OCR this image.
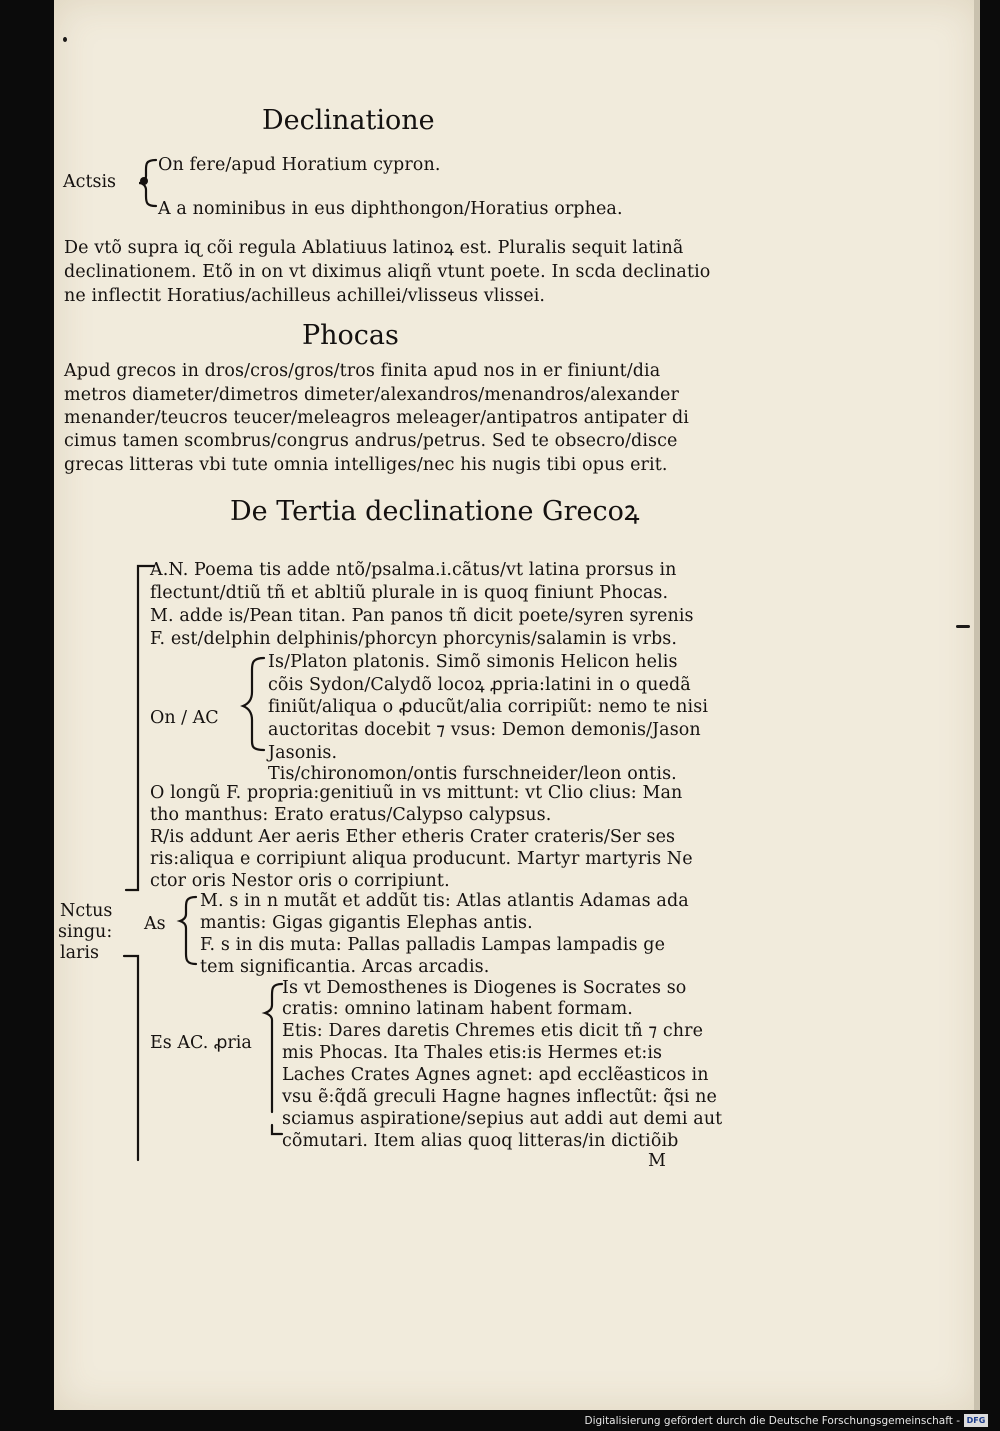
Declinatione
Phocas
De Tertia declinatione Grecoꝝ
Actsis
On fere/apud Horatium cypron.
A a nominibus in eus diphthongon/Horatius orphea.
De vtõ supra iɋ cõi regula Ablatiuus latinoꝝ est. Pluralis sequit latinã
declinationem. Etõ in on vt diximus aliqñ vtunt poete. In scda declinatio
ne inflectit Horatius/achilleus achillei/vlisseus vlissei.
Apud grecos in dros/cros/gros/tros finita apud nos in er finiunt/dia
metros diameter/dimetros dimeter/alexandros/menandros/alexander
menander/teucros teucer/meleagros meleager/antipatros antipater di
cimus tamen scombrus/congrus andrus/petrus. Sed te obsecro/disce
grecas litteras vbi tute omnia intelliges/nec his nugis tibi opus erit.
A.N. Poema tis adde ntõ/psalma.i.cãtus/vt latina prorsus in
flectunt/dtiũ tñ et abltiũ plurale in is quoq finiunt Phocas.
M. adde is/Pean titan. Pan panos tñ dicit poete/syren syrenis
F. est/delphin delphinis/phorcyn phorcynis/salamin is vrbs.
Is/Platon platonis. Simõ simonis Helicon helis
cõis Sydon/Calydõ locoꝝ ꝓpria:latini in o quedã
finiũt/aliqua o ꝓducũt/alia corripiũt: nemo te nisi
auctoritas docebit ⁊ vsus: Demon demonis/Jason
Jasonis.
Tis/chironomon/ontis furschneider/leon ontis.
O longũ F. propria:genitiuũ in vs mittunt: vt Clio clius: Man
tho manthus: Erato eratus/Calypso calypsus.
R/is addunt Aer aeris Ether etheris Crater crateris/Ser ses
ris:aliqua e corripiunt aliqua producunt. Martyr martyris Ne
ctor oris Nestor oris o corripiunt.
M. s in n mutãt et addũt tis: Atlas atlantis Adamas ada
mantis: Gigas gigantis Elephas antis.
F. s in dis muta: Pallas palladis Lampas lampadis ge
tem significantia. Arcas arcadis.
Is vt Demosthenes is Diogenes is Socrates so
cratis: omnino latinam habent formam.
Etis: Dares daretis Chremes etis dicit tñ ⁊ chre
mis Phocas. Ita Thales etis:is Hermes et:is
Laches Crates Agnes agnet: apd ecclẽasticos in
vsu ẽ:q̃dã greculi Hagne hagnes inflectũt: q̃si ne
sciamus aspiratione/sepius aut addi aut demi aut
cõmutari. Item alias quoq litteras/in dictiõib
M
On / AC
As
Es AC. ꝓria
Nctus
singu:
laris
Digitalisierung gefördert durch die Deutsche Forschungsgemeinschaft - DFG
